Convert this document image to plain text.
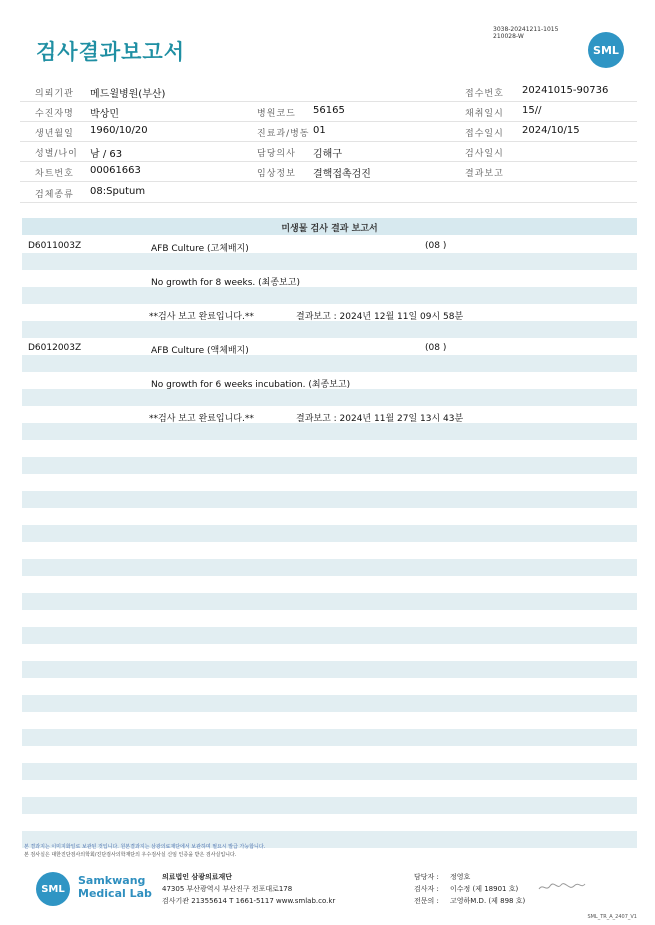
검사결과보고서
3038-20241211-1015
210028-W
SML
의뢰기관 메드윌병원(부산)	접수번호 20241015-90736
수진자명 박상민	병원코드 56165	채취일시 15//
생년월일 1960/10/20	진료과/병동 01	접수일시 2024/10/15
성별/나이 남 / 63	담당의사 김해구	검사일시
차트번호 00061663	임상정보 결핵접촉검진	결과보고
검체종류 08:Sputum
미생물 검사 결과 보고서
D6011003Z	AFB Culture (고체배지)	(08 )
No growth for 8 weeks. (최종보고)
**검사 보고 완료입니다.**	결과보고 : 2024년 12월 11일 09시 58분
D6012003Z	AFB Culture (액체배지)	(08 )
No growth for 6 weeks incubation. (최종보고)
**검사 보고 완료입니다.**	결과보고 : 2024년 11월 27일 13시 43분
본 결과지는 이미지화일로 보관된 것입니다. 원본결과지는 삼광의료재단에서 보관하며 필요시 발급 가능합니다.
본 검사실은 대한진단검사의학회/진단검사의학재단의 우수검사실 신임 인증을 받은 검사실입니다.
SML
Samkwang
Medical Lab
의료법인 삼광의료재단
47305 부산광역시 부산진구 전포대로178
검사기관 21355614 T 1661-5117 www.smlab.co.kr
담당자 : 정영호
검사자 : 이수정 (제 18901 호)
전문의 : 고영하M.D. (제 898 호)
SML_TR_A_2407_V1
